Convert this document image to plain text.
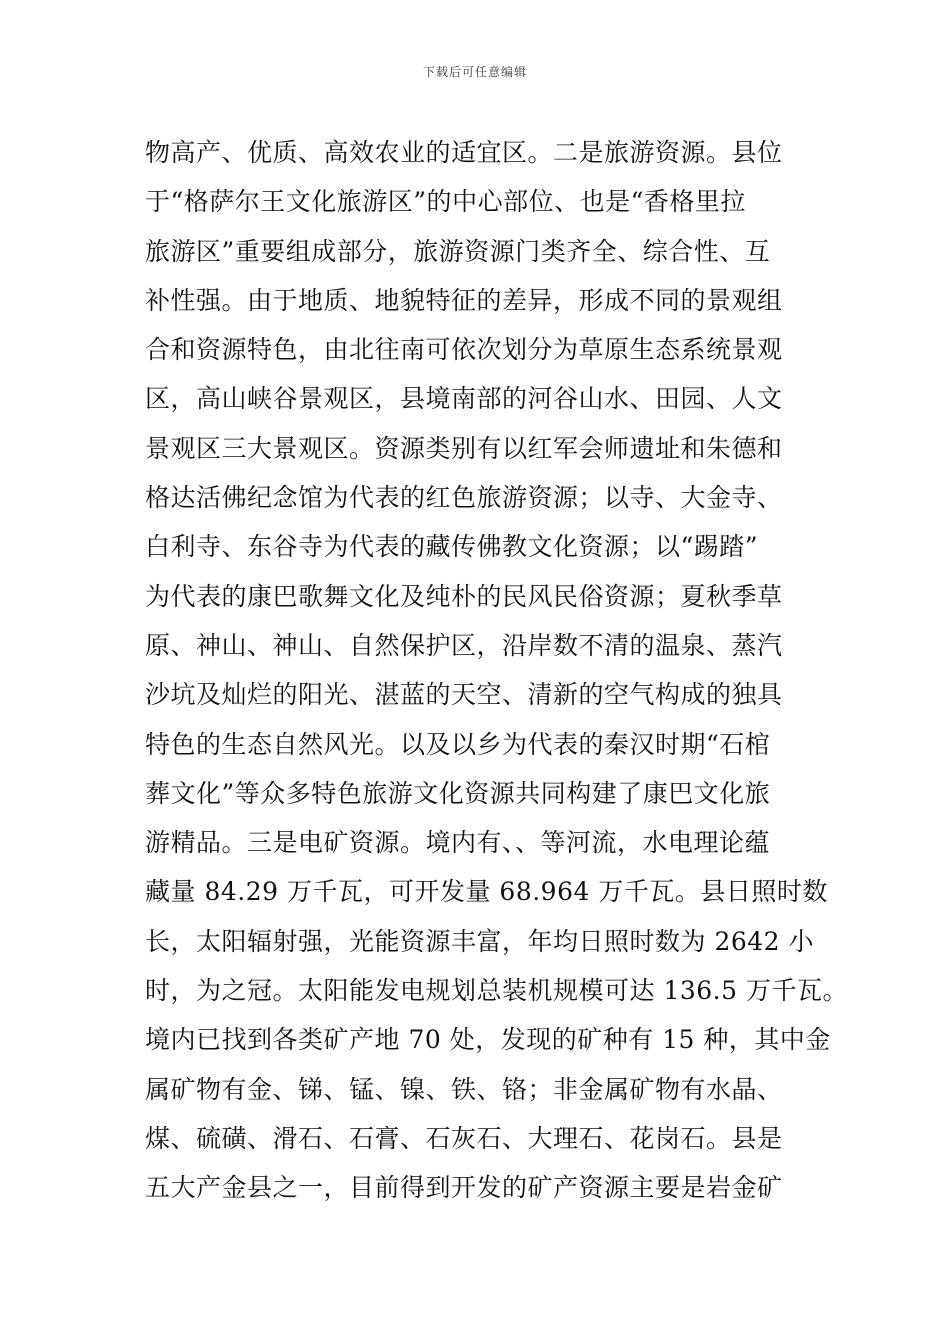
下载后可任意编辑
物高产、优质、高效农业的适宜区。二是旅游资源。县位
于“格萨尔王文化旅游区”的中心部位、也是“香格里拉
旅游区”重要组成部分，旅游资源门类齐全、综合性、互
补性强。由于地质、地貌特征的差异，形成不同的景观组
合和资源特色，由北往南可依次划分为草原生态系统景观
区，高山峡谷景观区，县境南部的河谷山水、田园、人文
景观区三大景观区。资源类别有以红军会师遗址和朱德和
格达活佛纪念馆为代表的红色旅游资源；以寺、大金寺、
白利寺、东谷寺为代表的藏传佛教文化资源；以“踢踏”
为代表的康巴歌舞文化及纯朴的民风民俗资源；夏秋季草
原、神山、神山、自然保护区，沿岸数不清的温泉、蒸汽
沙坑及灿烂的阳光、湛蓝的天空、清新的空气构成的独具
特色的生态自然风光。以及以乡为代表的秦汉时期“石棺
葬文化”等众多特色旅游文化资源共同构建了康巴文化旅
游精品。三是电矿资源。境内有、、等河流，水电理论蕴
藏量 84.29 万千瓦，可开发量 68.964 万千瓦。县日照时数
长，太阳辐射强，光能资源丰富，年均日照时数为 2642 小
时，为之冠。太阳能发电规划总装机规模可达 136.5 万千瓦。
境内已找到各类矿产地 70 处，发现的矿种有 15 种，其中金
属矿物有金、锑、锰、镍、铁、铬；非金属矿物有水晶、
煤、硫磺、滑石、石膏、石灰石、大理石、花岗石。县是
五大产金县之一，目前得到开发的矿产资源主要是岩金矿
